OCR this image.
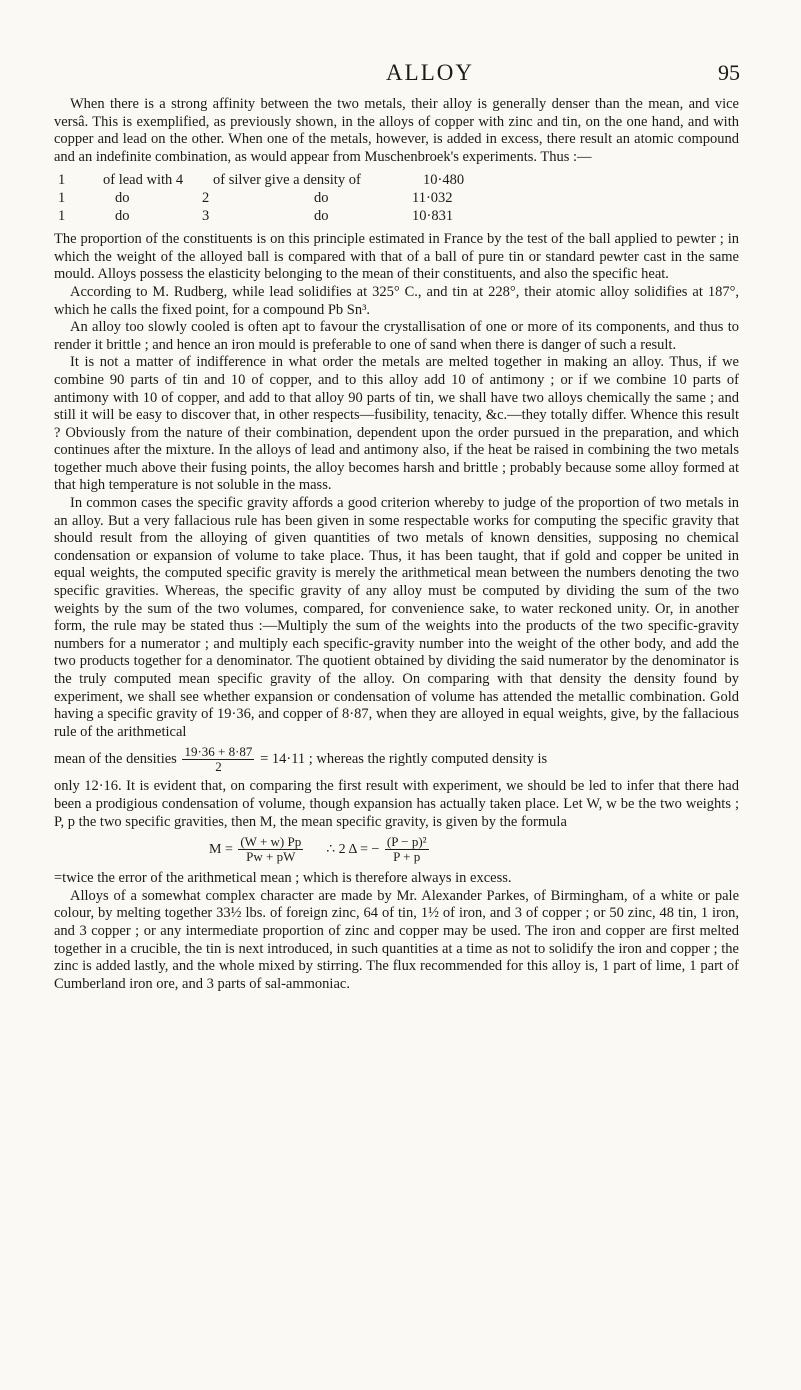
ALLOY	95

When there is a strong affinity between the two metals, their alloy is generally denser than the mean, and vice versâ. This is exemplified, as previously shown, in the alloys of copper with zinc and tin, on the one hand, and with copper and lead on the other. When one of the metals, however, is added in excess, there result an atomic compound and an indefinite combination, as would appear from Muschenbroek's experiments. Thus :—

1	of lead with 4	of silver give a density of	10·480
1	do	2	do	11·032
1	do	3	do	10·831

The proportion of the constituents is on this principle estimated in France by the test of the ball applied to pewter ; in which the weight of the alloyed ball is compared with that of a ball of pure tin or standard pewter cast in the same mould. Alloys possess the elasticity belonging to the mean of their constituents, and also the specific heat.

According to M. Rudberg, while lead solidifies at 325° C., and tin at 228°, their atomic alloy solidifies at 187°, which he calls the fixed point, for a compound Pb Sn³.

An alloy too slowly cooled is often apt to favour the crystallisation of one or more of its components, and thus to render it brittle ; and hence an iron mould is preferable to one of sand when there is danger of such a result.

It is not a matter of indifference in what order the metals are melted together in making an alloy. Thus, if we combine 90 parts of tin and 10 of copper, and to this alloy add 10 of antimony ; or if we combine 10 parts of antimony with 10 of copper, and add to that alloy 90 parts of tin, we shall have two alloys chemically the same ; and still it will be easy to discover that, in other respects—fusibility, tenacity, &c.—they totally differ. Whence this result ? Obviously from the nature of their combination, dependent upon the order pursued in the preparation, and which continues after the mixture. In the alloys of lead and antimony also, if the heat be raised in combining the two metals together much above their fusing points, the alloy becomes harsh and brittle ; probably because some alloy formed at that high temperature is not soluble in the mass.

In common cases the specific gravity affords a good criterion whereby to judge of the proportion of two metals in an alloy. But a very fallacious rule has been given in some respectable works for computing the specific gravity that should result from the alloying of given quantities of two metals of known densities, supposing no chemical condensation or expansion of volume to take place. Thus, it has been taught, that if gold and copper be united in equal weights, the computed specific gravity is merely the arithmetical mean between the numbers denoting the two specific gravities. Whereas, the specific gravity of any alloy must be computed by dividing the sum of the two weights by the sum of the two volumes, compared, for convenience sake, to water reckoned unity. Or, in another form, the rule may be stated thus :—Multiply the sum of the weights into the products of the two specific-gravity numbers for a numerator ; and multiply each specific-gravity number into the weight of the other body, and add the two products together for a denominator. The quotient obtained by dividing the said numerator by the denominator is the truly computed mean specific gravity of the alloy. On comparing with that density the density found by experiment, we shall see whether expansion or condensation of volume has attended the metallic combination. Gold having a specific gravity of 19·36, and copper of 8·87, when they are alloyed in equal weights, give, by the fallacious rule of the arithmetical

mean of the densities $\frac{19\cdot 36 + 8\cdot 87}{2} = 14\cdot 11$ ; whereas the rightly computed density is

only 12·16. It is evident that, on comparing the first result with experiment, we should be led to infer that there had been a prodigious condensation of volume, though expansion has actually taken place. Let W, w be the two weights ; P, p the two specific gravities, then M, the mean specific gravity, is given by the formula

$M = \frac{(W + w) Pp}{Pw + pW}$ ∴ 2 Δ = − $\frac{\text{(P − p)²}}{P + p}$

=twice the error of the arithmetical mean ; which is therefore always in excess.

Alloys of a somewhat complex character are made by Mr. Alexander Parkes, of Birmingham, of a white or pale colour, by melting together 33½ lbs. of foreign zinc, 64 of tin, 1½ of iron, and 3 of copper ; or 50 zinc, 48 tin, 1 iron, and 3 copper ; or any intermediate proportion of zinc and copper may be used. The iron and copper are first melted together in a crucible, the tin is next introduced, in such quantities at a time as not to solidify the iron and copper ; the zinc is added lastly, and the whole mixed by stirring. The flux recommended for this alloy is, 1 part of lime, 1 part of Cumberland iron ore, and 3 parts of sal-ammoniac.
